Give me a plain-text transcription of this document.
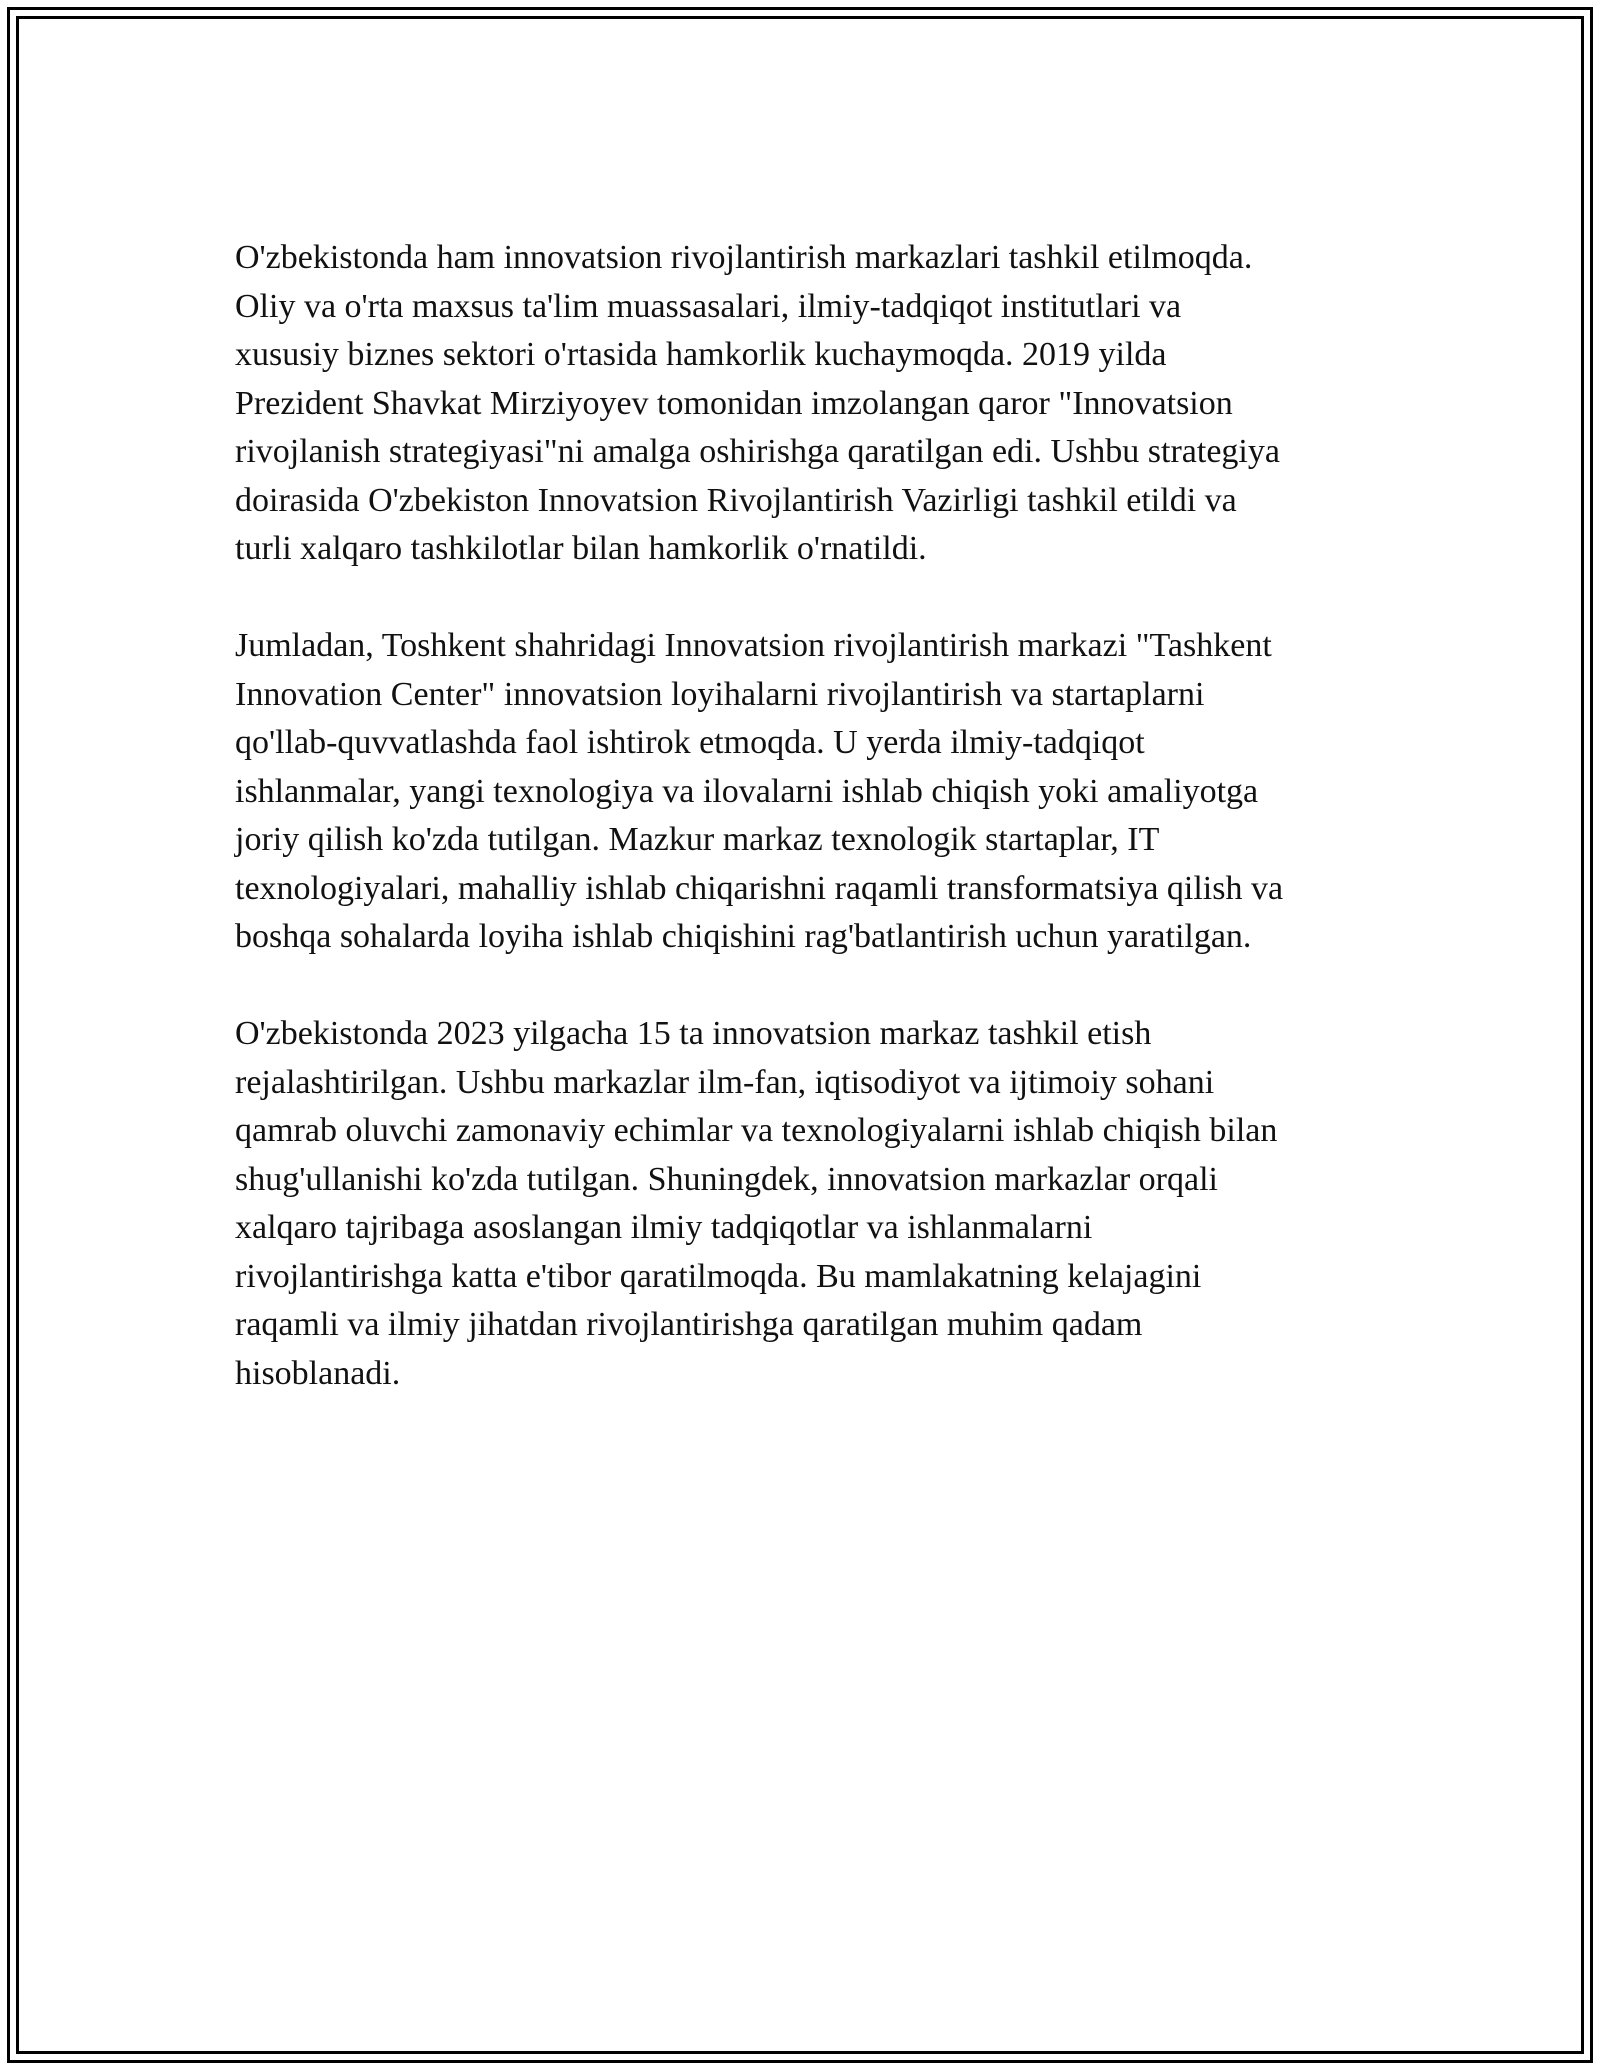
O'zbekistonda ham innovatsion rivojlantirish markazlari tashkil etilmoqda.
Oliy va o'rta maxsus ta'lim muassasalari, ilmiy-tadqiqot institutlari va
xususiy biznes sektori o'rtasida hamkorlik kuchaymoqda. 2019 yilda
Prezident Shavkat Mirziyoyev tomonidan imzolangan qaror "Innovatsion
rivojlanish strategiyasi"ni amalga oshirishga qaratilgan edi. Ushbu strategiya
doirasida O'zbekiston Innovatsion Rivojlantirish Vazirligi tashkil etildi va
turli xalqaro tashkilotlar bilan hamkorlik o'rnatildi.

Jumladan, Toshkent shahridagi Innovatsion rivojlantirish markazi "Tashkent
Innovation Center" innovatsion loyihalarni rivojlantirish va startaplarni
qo'llab-quvvatlashda faol ishtirok etmoqda. U yerda ilmiy-tadqiqot
ishlanmalar, yangi texnologiya va ilovalarni ishlab chiqish yoki amaliyotga
joriy qilish ko'zda tutilgan. Mazkur markaz texnologik startaplar, IT
texnologiyalari, mahalliy ishlab chiqarishni raqamli transformatsiya qilish va
boshqa sohalarda loyiha ishlab chiqishini rag'batlantirish uchun yaratilgan.

O'zbekistonda 2023 yilgacha 15 ta innovatsion markaz tashkil etish
rejalashtirilgan. Ushbu markazlar ilm-fan, iqtisodiyot va ijtimoiy sohani
qamrab oluvchi zamonaviy echimlar va texnologiyalarni ishlab chiqish bilan
shug'ullanishi ko'zda tutilgan. Shuningdek, innovatsion markazlar orqali
xalqaro tajribaga asoslangan ilmiy tadqiqotlar va ishlanmalarni
rivojlantirishga katta e'tibor qaratilmoqda. Bu mamlakatning kelajagini
raqamli va ilmiy jihatdan rivojlantirishga qaratilgan muhim qadam
hisoblanadi.
